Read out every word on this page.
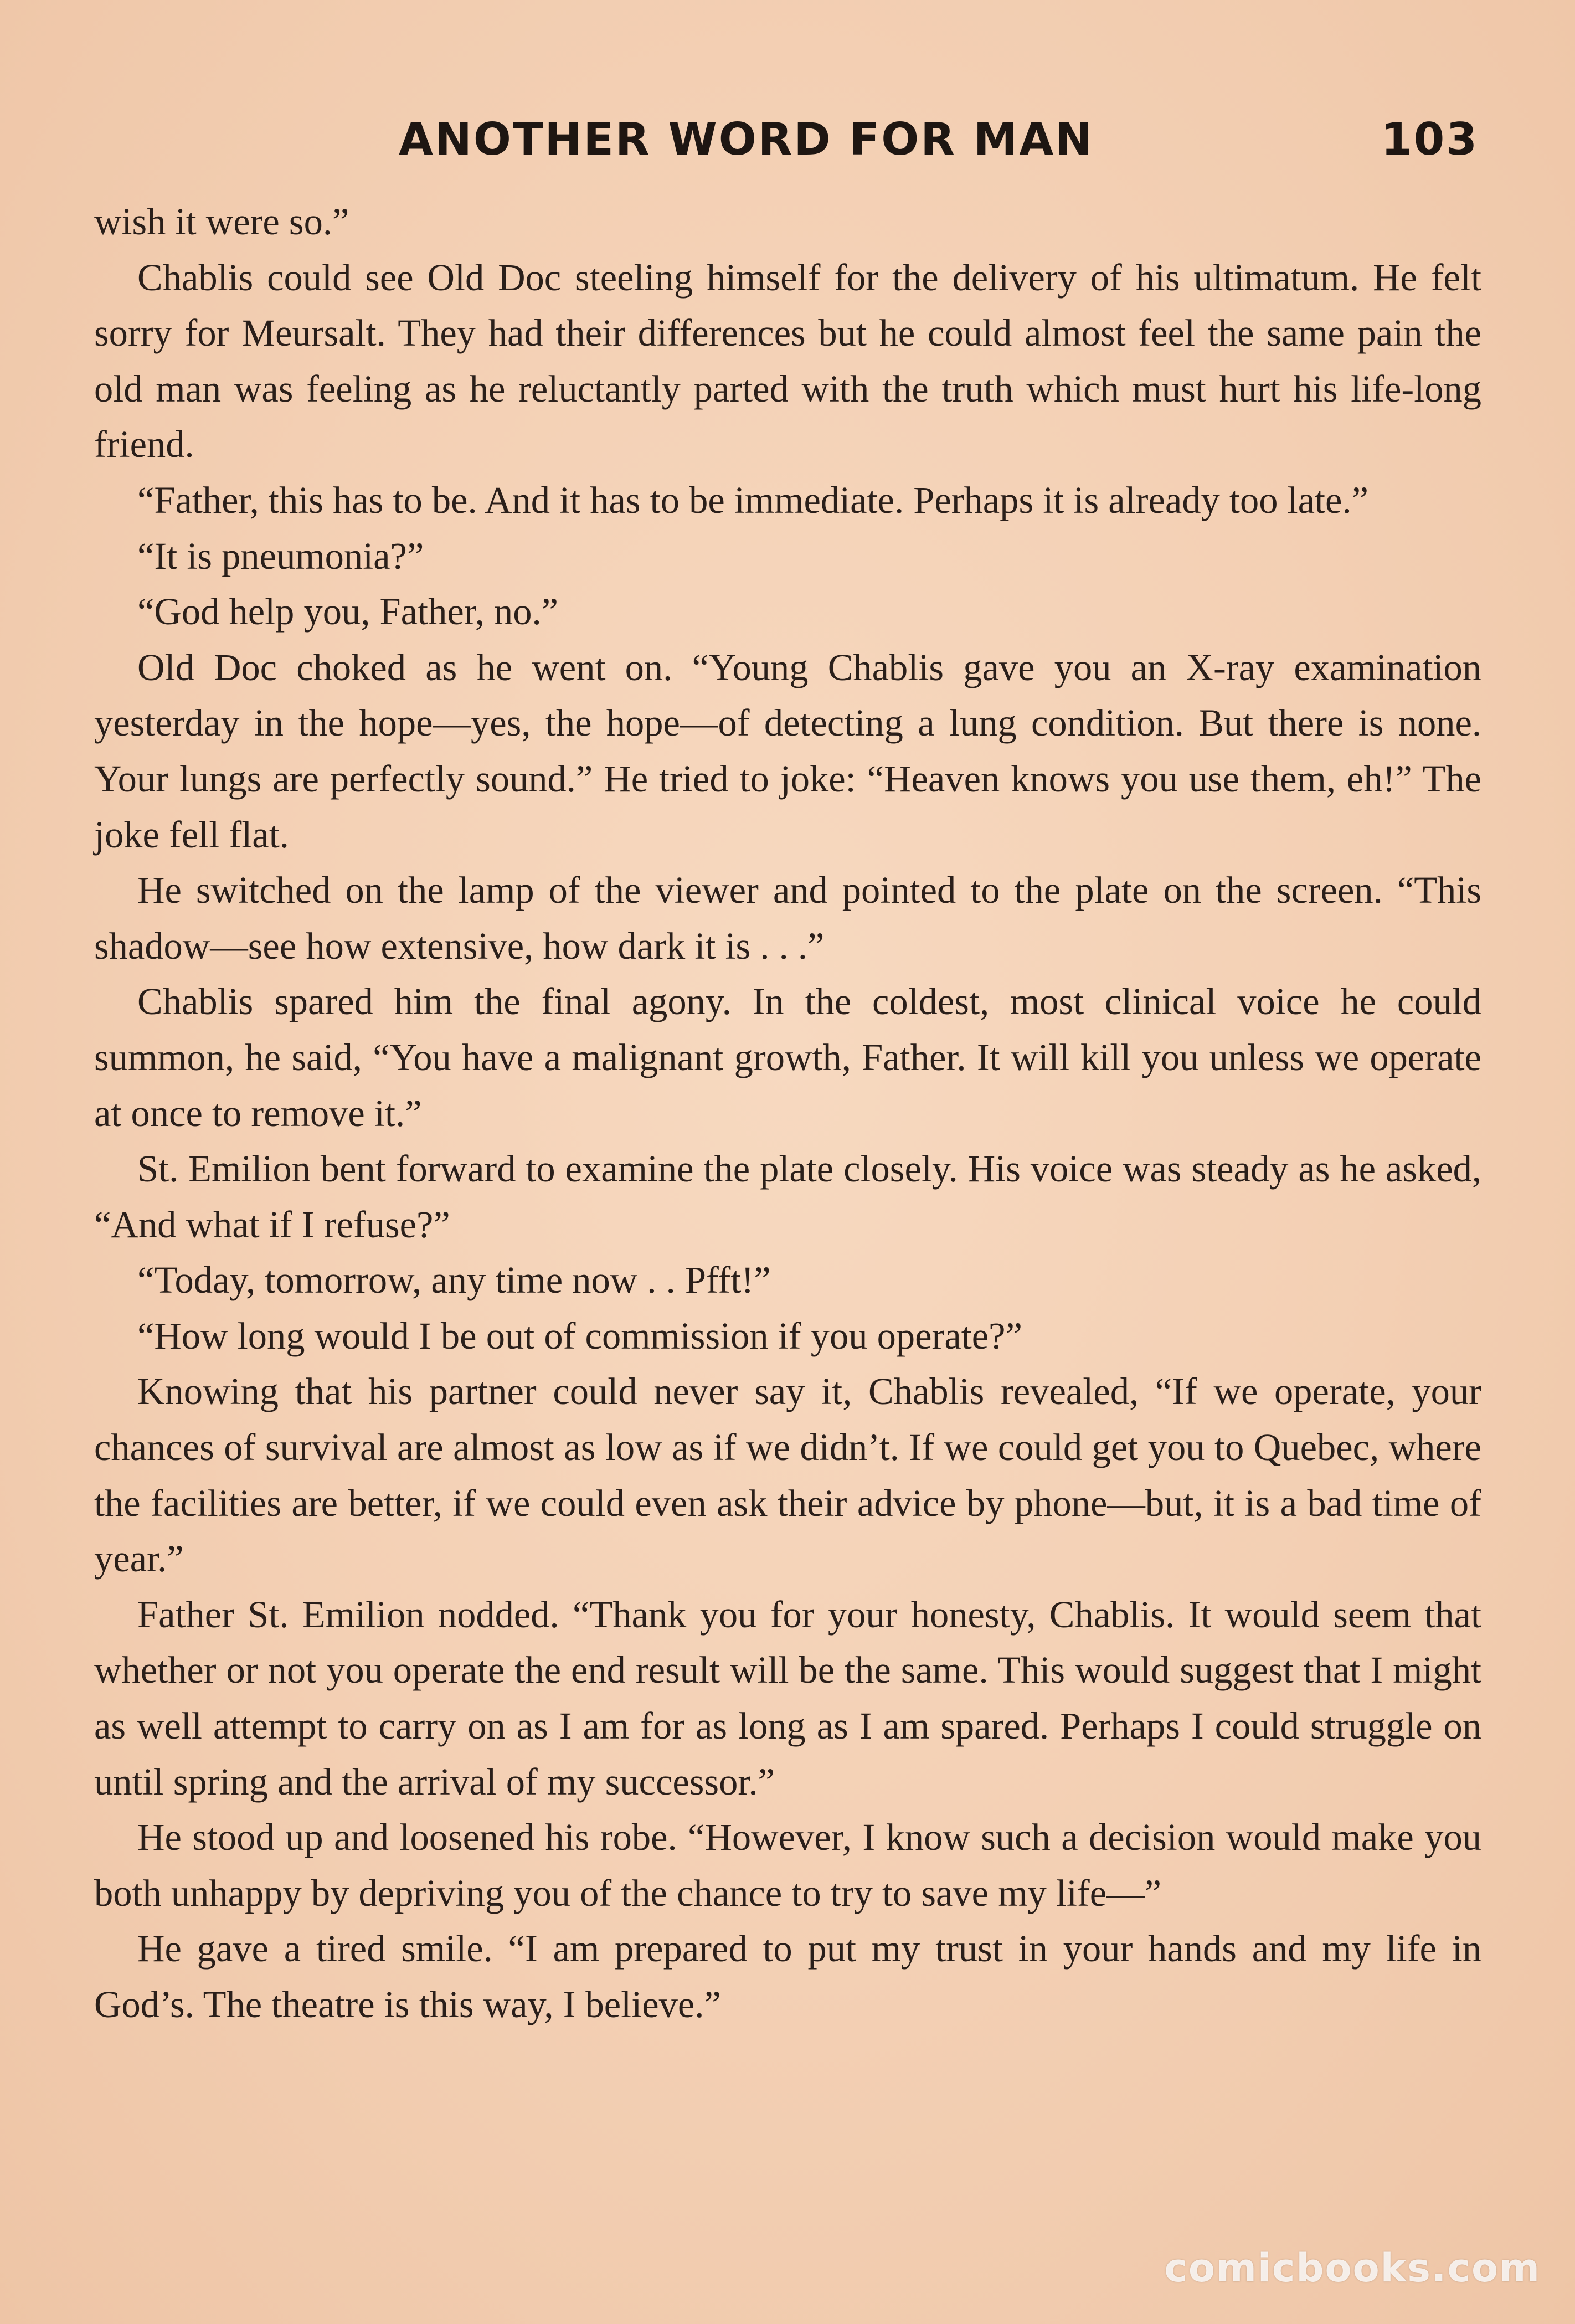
ANOTHER WORD FOR MAN	103

wish it were so.”

Chablis could see Old Doc steeling himself for the delivery of his ultimatum. He felt sorry for Meursalt. They had their differences but he could almost feel the same pain the old man was feeling as he reluctantly parted with the truth which must hurt his life-long friend.

“Father, this has to be. And it has to be immediate. Perhaps it is already too late.”

“It is pneumonia?”

“God help you, Father, no.”

Old Doc choked as he went on. “Young Chablis gave you an X-ray examination yesterday in the hope—yes, the hope—of detecting a lung condition. But there is none. Your lungs are perfectly sound.” He tried to joke: “Heaven knows you use them, eh!” The joke fell flat.

He switched on the lamp of the viewer and pointed to the plate on the screen. “This shadow—see how extensive, how dark it is . . .”

Chablis spared him the final agony. In the coldest, most clinical voice he could summon, he said, “You have a malignant growth, Father. It will kill you unless we operate at once to remove it.”

St. Emilion bent forward to examine the plate closely. His voice was steady as he asked, “And what if I refuse?”

“Today, tomorrow, any time now . . Pfft!”

“How long would I be out of commission if you operate?”

Knowing that his partner could never say it, Chablis revealed, “If we operate, your chances of survival are almost as low as if we didn’t. If we could get you to Quebec, where the facilities are better, if we could even ask their advice by phone—but, it is a bad time of year.”

Father St. Emilion nodded. “Thank you for your honesty, Chablis. It would seem that whether or not you operate the end result will be the same. This would suggest that I might as well attempt to carry on as I am for as long as I am spared. Perhaps I could struggle on until spring and the arrival of my successor.”

He stood up and loosened his robe. “However, I know such a decision would make you both unhappy by depriving you of the chance to try to save my life—”

He gave a tired smile. “I am prepared to put my trust in your hands and my life in God’s. The theatre is this way, I believe.”

comicbooks.com
